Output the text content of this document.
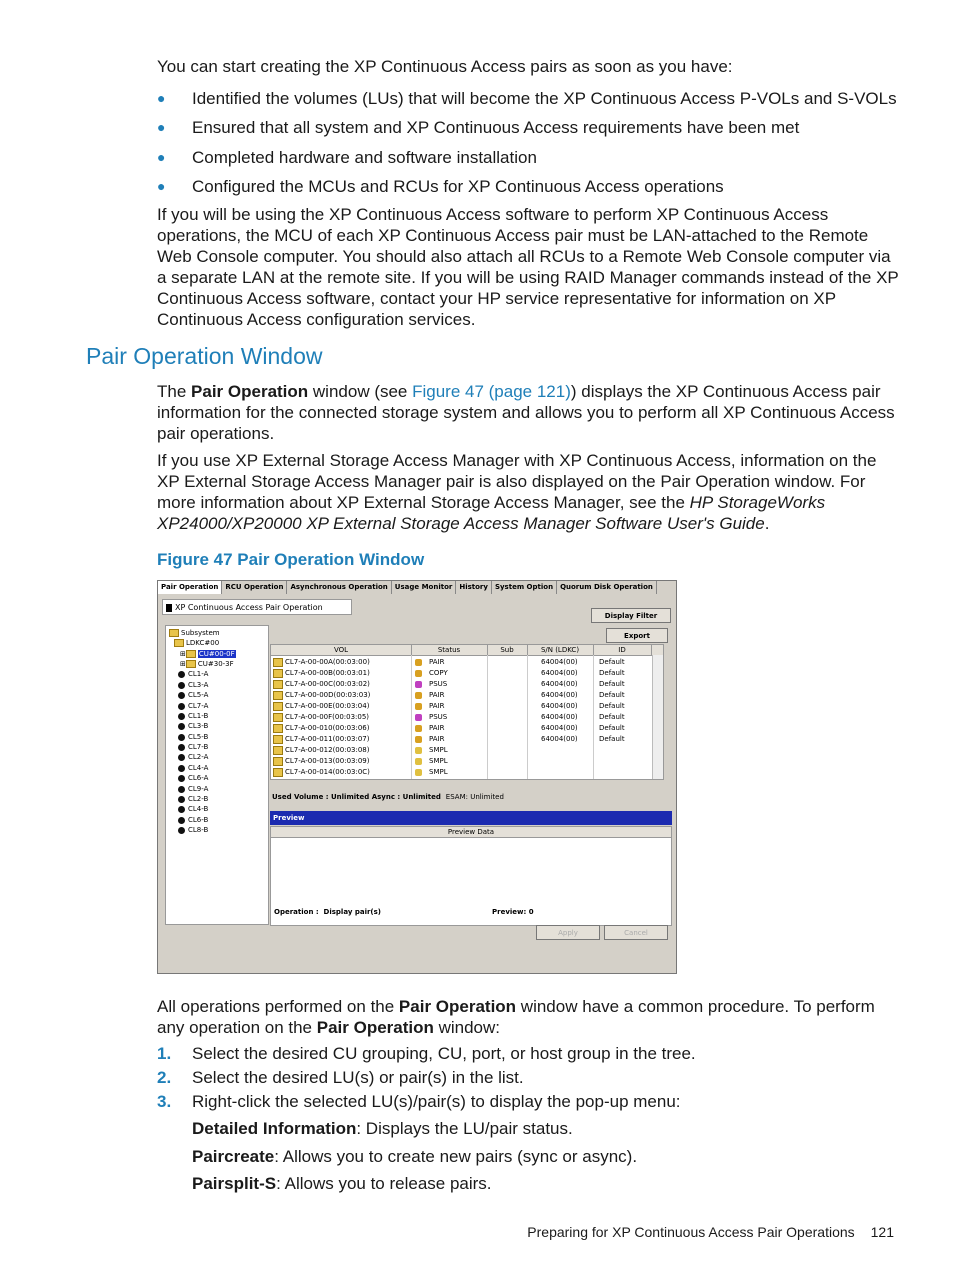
You can start creating the XP Continuous Access pairs as soon as you have:
● Identified the volumes (LUs) that will become the XP Continuous Access P-VOLs and S-VOLs
● Ensured that all system and XP Continuous Access requirements have been met
● Completed hardware and software installation
● Configured the MCUs and RCUs for XP Continuous Access operations
If you will be using the XP Continuous Access software to perform XP Continuous Access operations, the MCU of each XP Continuous Access pair must be LAN-attached to the Remote Web Console computer. You should also attach all RCUs to a Remote Web Console computer via a separate LAN at the remote site. If you will be using RAID Manager commands instead of the XP Continuous Access software, contact your HP service representative for information on XP Continuous Access configuration services.
Pair Operation Window
The Pair Operation window (see Figure 47 (page 121)) displays the XP Continuous Access pair information for the connected storage system and allows you to perform all XP Continuous Access pair operations.
If you use XP External Storage Access Manager with XP Continuous Access, information on the XP External Storage Access Manager pair is also displayed on the Pair Operation window. For more information about XP External Storage Access Manager, see the HP StorageWorks XP24000/XP20000 XP External Storage Access Manager Software User's Guide.
Figure 47 Pair Operation Window
Pair Operation	RCU Operation	Asynchronous Operation	Usage Monitor	History	System Option	Quorum Disk Operation
XP Continuous Access Pair Operation
Display Filter
Export
Subsystem
LDKC#00
⊞ CU#00-0F
⊞ CU#30-3F
CL1-A
CL3-A
CL5-A
CL7-A
CL1-B
CL3-B
CL5-B
CL7-B
CL2-A
CL4-A
CL6-A
CL9-A
CL2-B
CL4-B
CL6-B
CL8-B
VOL	Status	Sub	S/N (LDKC)	ID
CL7-A-00-00A(00:03:00)	PAIR	64004(00)	Default
CL7-A-00-00B(00:03:01)	COPY	64004(00)	Default
CL7-A-00-00C(00:03:02)	PSUS	64004(00)	Default
CL7-A-00-00D(00:03:03)	PAIR	64004(00)	Default
CL7-A-00-00E(00:03:04)	PAIR	64004(00)	Default
CL7-A-00-00F(00:03:05)	PSUS	64004(00)	Default
CL7-A-00-010(00:03:06)	PAIR	64004(00)	Default
CL7-A-00-011(00:03:07)	PAIR	64004(00)	Default
CL7-A-00-012(00:03:08)	SMPL
CL7-A-00-013(00:03:09)	SMPL
CL7-A-00-014(00:03:0C)	SMPL
Used Volume : Unlimited Async : Unlimited ESAM: Unlimited
Preview
Preview Data
Operation : Display pair(s)	Preview: 0
Apply	Cancel
All operations performed on the Pair Operation window have a common procedure. To perform any operation on the Pair Operation window:
1. Select the desired CU grouping, CU, port, or host group in the tree.
2. Select the desired LU(s) or pair(s) in the list.
3. Right-click the selected LU(s)/pair(s) to display the pop-up menu:
Detailed Information: Displays the LU/pair status.
Paircreate: Allows you to create new pairs (sync or async).
Pairsplit-S: Allows you to release pairs.
Preparing for XP Continuous Access Pair Operations 121
